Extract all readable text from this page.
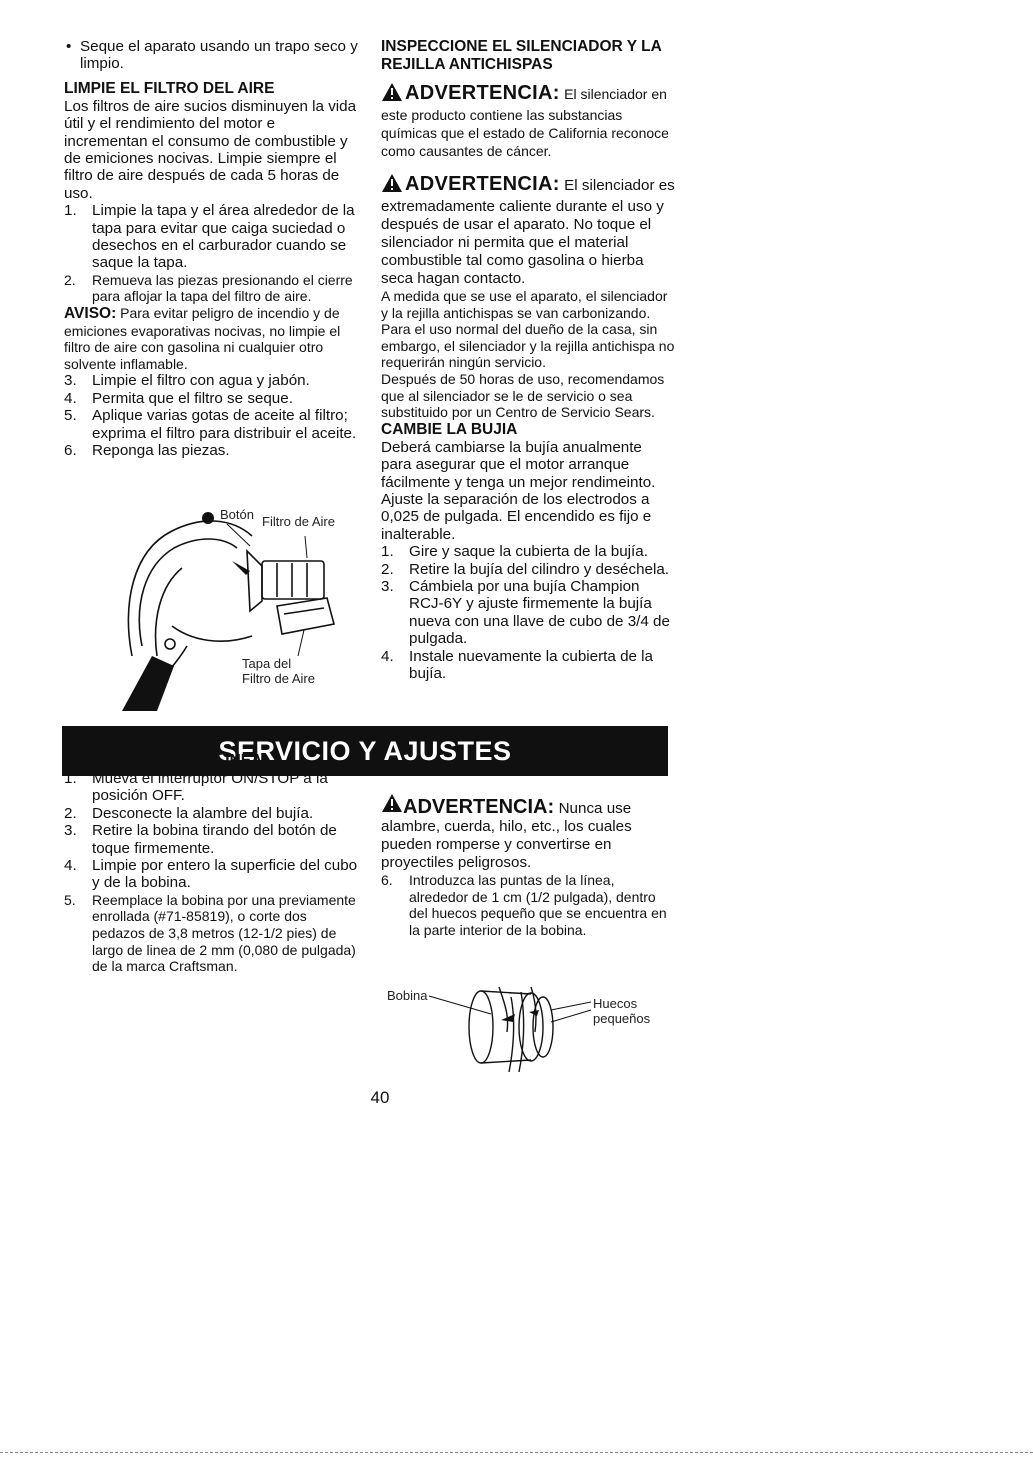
• Seque el aparato usando un trapo seco y limpio.

LIMPIE EL FILTRO DEL AIRE

Los filtros de aire sucios disminuyen la vida útil y el rendimiento del motor e incrementan el consumo de combustible y de emiciones nocivas. Limpie siempre el filtro de aire después de cada 5 horas de uso.

1. Limpie la tapa y el área alrededor de la tapa para evitar que caiga suciedad o desechos en el carburador cuando se saque la tapa.
2. Remueva las piezas presionando el cierre para aflojar la tapa del filtro de aire.

AVISO: Para evitar peligro de incendio y de emiciones evaporativas nocivas, no limpie el filtro de aire con gasolina ni cualquier otro solvente inflamable.

3. Limpie el filtro con agua y jabón.
4. Permita que el filtro se seque.
5. Aplique varias gotas de aceite al filtro; exprima el filtro para distribuir el aceite.
6. Reponga las piezas.
Botón Filtro de Aire
Tapa del Filtro de Aire
INSPECCIONE EL SILENCIADOR Y LA REJILLA ANTICHISPAS
ADVERTENCIA: El silenciador en este producto contiene las substancias químicas que el estado de California reconoce como causantes de cáncer.
ADVERTENCIA: El silenciador es extremadamente caliente durante el uso y después de usar el aparato. No toque el silenciador ni permita que el material combustible tal como gasolina o hierba seca hagan contacto.

A medida que se use el aparato, el silenciador y la rejilla antichispas se van carbonizando. Para el uso normal del dueño de la casa, sin embargo, el silenciador y la rejilla antichispa no requerirán ningún servicio.

Después de 50 horas de uso, recomendamos que al silenciador se le de servicio o sea substituido por un Centro de Servicio Sears.

CAMBIE LA BUJIA

Deberá cambiarse la bujía anualmente para asegurar que el motor arranque fácilmente y tenga un mejor rendimeinto. Ajuste la separación de los electrodos a 0,025 de pulgada. El encendido es fijo e inalterable.

1. Gire y saque la cubierta de la bujía.
2. Retire la bujía del cilindro y deséchela.
3. Cámbiela por una bujía Champion RCJ-6Y y ajuste firmemente la bujía nueva con una llave de cubo de 3/4 de pulgada.
4. Instale nuevamente la cubierta de la bujía.
SERVICIO Y AJUSTES
REEMPLAZO DE LA LINEA
1. Mueva el interruptor ON/STOP a la posición OFF.
2. Desconecte la alambre del bujía.
3. Retire la bobina tirando del botón de toque firmemente.
4. Limpie por entero la superficie del cubo y de la bobina.
5. Reemplace la bobina por una previamente enrollada (#71-85819), o corte dos pedazos de 3,8 metros (12-1/2 pies) de largo de linea de 2 mm (0,080 de pulgada) de la marca Craftsman.
ADVERTENCIA: Nunca use alambre, cuerda, hilo, etc., los cuales pueden romperse y convertirse en proyectiles peligrosos.
6. Introduzca las puntas de la línea, alrededor de 1 cm (1/2 pulgada), dentro del huecos pequeño que se encuentra en la parte interior de la bobina.
Bobina
Huecos pequeños
40
